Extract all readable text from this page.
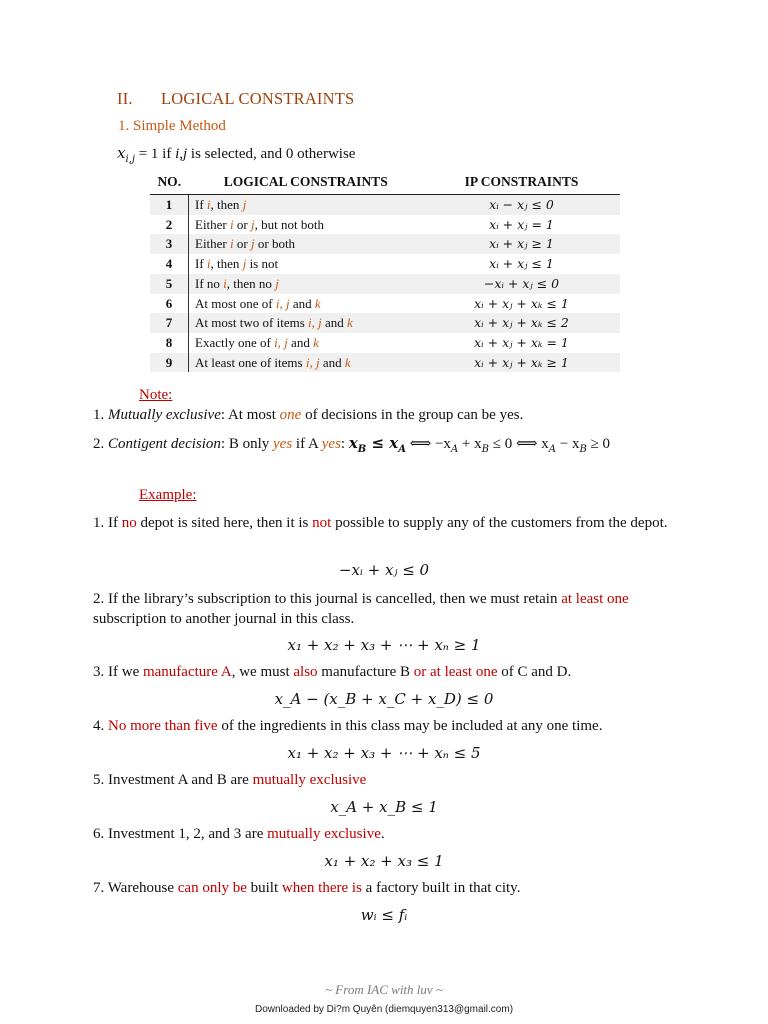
II. LOGICAL CONSTRAINTS
1. Simple Method
$x_{i,j} = 1$ if i,j is selected, and 0 otherwise
NO.	LOGICAL CONSTRAINTS	IP CONSTRAINTS
1	If i, then j	xᵢ − xⱼ ≤ 0
2	Either i or j, but not both	xᵢ + xⱼ = 1
3	Either i or j or both	xᵢ + xⱼ ≥ 1
4	If i, then j is not	xᵢ + xⱼ ≤ 1
5	If no i, then no j	−xᵢ + xⱼ ≤ 0
6	At most one of i, j and k	xᵢ + xⱼ + xₖ ≤ 1
7	At most two of items i, j and k	xᵢ + xⱼ + xₖ ≤ 2
8	Exactly one of i, j and k	xᵢ + xⱼ + xₖ = 1
9	At least one of items i, j and k	xᵢ + xⱼ + xₖ ≥ 1
Note:
1. Mutually exclusive: At most one of decisions in the group can be yes.
2. Contigent decision: B only yes if A yes: $x_B \le x_A$ ⟺ $-x_A + x_B \le 0$ ⟺ $x_A - x_B \ge 0$
Example:
1. If no depot is sited here, then it is not possible to supply any of the customers from the depot.
−xᵢ + xⱼ ≤ 0
2. If the library’s subscription to this journal is cancelled, then we must retain at least one subscription to another journal in this class.
x₁ + x₂ + x₃ + ⋯ + xₙ ≥ 1
3. If we manufacture A, we must also manufacture B or at least one of C and D.
x_A − (x_B + x_C + x_D) ≤ 0
4. No more than five of the ingredients in this class may be included at any one time.
x₁ + x₂ + x₃ + ⋯ + xₙ ≤ 5
5. Investment A and B are mutually exclusive
x_A + x_B ≤ 1
6. Investment 1, 2, and 3 are mutually exclusive.
x₁ + x₂ + x₃ ≤ 1
7. Warehouse can only be built when there is a factory built in that city.
wᵢ ≤ fᵢ
~ From IAC with luv ~
Downloaded by Di?m Quyên (diemquyen313@gmail.com)
